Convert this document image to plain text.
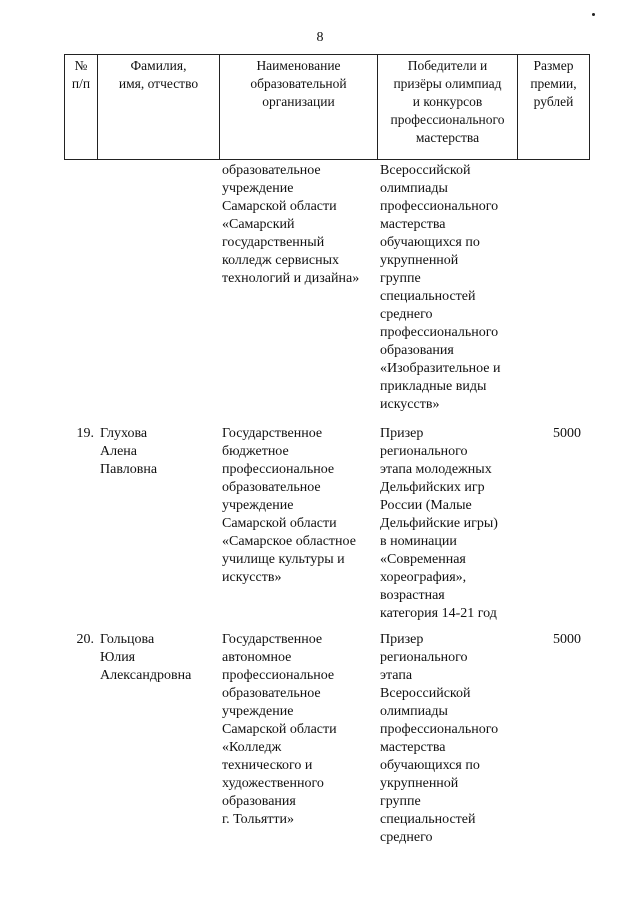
8
№
п/п	Фамилия,
имя, отчество	Наименование
образовательной
организации	Победители и
призёры олимпиад
и конкурсов
профессионального
мастерства	Размер
премии,
рублей
		образовательное
учреждение
Самарской области
«Самарский
государственный
колледж сервисных
технологий и дизайна»	Всероссийской
олимпиады
профессионального
мастерства
обучающихся по
укрупненной
группе
специальностей
среднего
профессионального
образования
«Изобразительное и
прикладные виды
искусств»	
19.	Глухова
Алена
Павловна	Государственное
бюджетное
профессиональное
образовательное
учреждение
Самарской области
«Самарское областное
училище культуры и
искусств»	Призер
регионального
этапа молодежных
Дельфийских игр
России (Малые
Дельфийские игры)
в номинации
«Современная
хореография»,
возрастная
категория 14-21 год	5000
20.	Гольцова
Юлия
Александровна	Государственное
автономное
профессиональное
образовательное
учреждение
Самарской области
«Колледж
технического и
художественного
образования
г. Тольятти»	Призер
регионального
этапа
Всероссийской
олимпиады
профессионального
мастерства
обучающихся по
укрупненной
группе
специальностей
среднего	5000
